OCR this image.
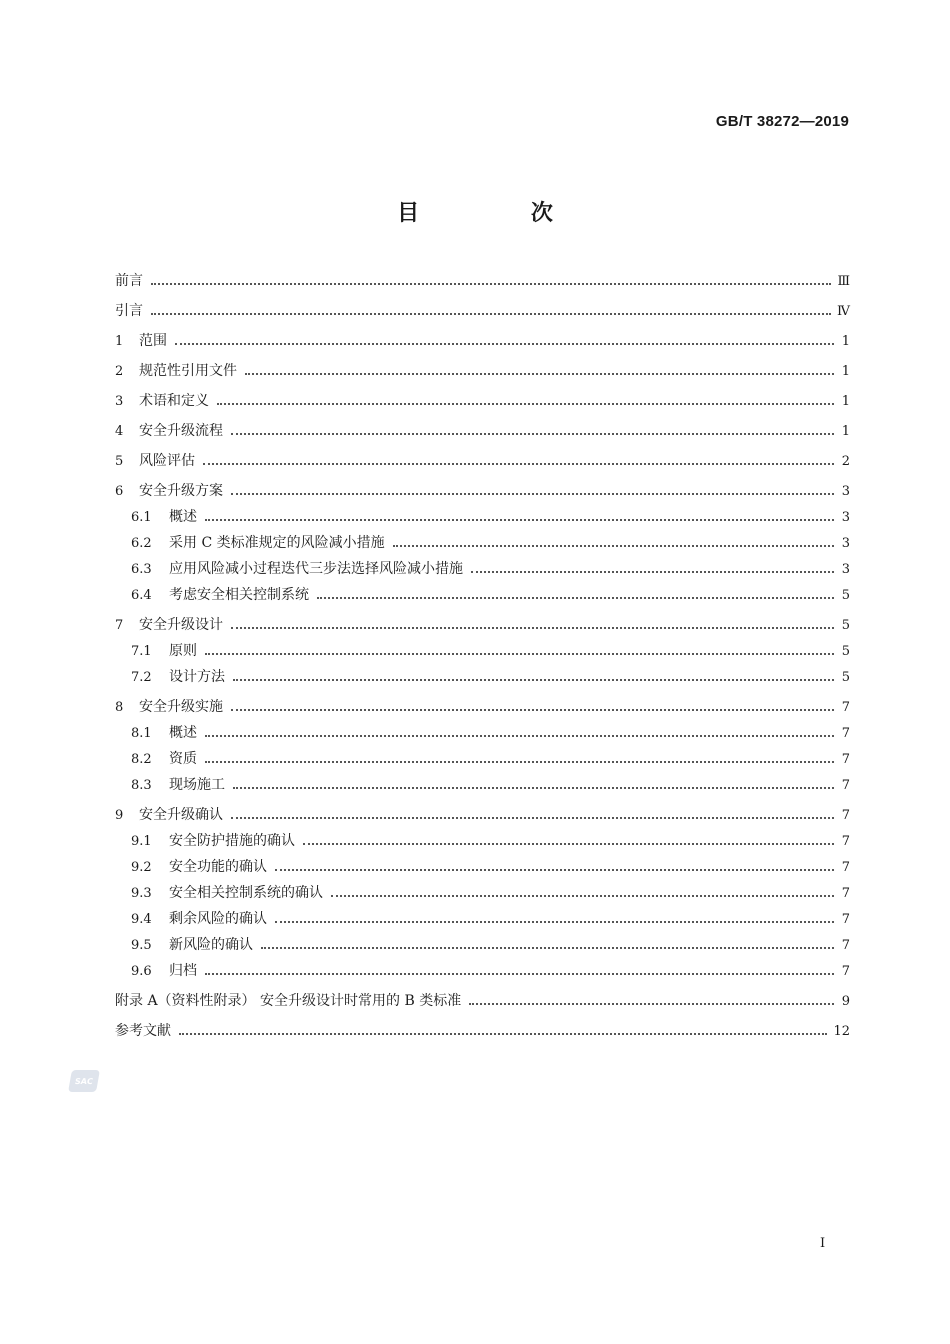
GB/T 38272—2019
目 次
前言	Ⅲ
引言	Ⅳ
1	范围	1
2	规范性引用文件	1
3	术语和定义	1
4	安全升级流程	1
5	风险评估	2
6	安全升级方案	3
6.1	概述	3
6.2	采用 C 类标准规定的风险减小措施	3
6.3	应用风险减小过程迭代三步法选择风险减小措施	3
6.4	考虑安全相关控制系统	5
7	安全升级设计	5
7.1	原则	5
7.2	设计方法	5
8	安全升级实施	7
8.1	概述	7
8.2	资质	7
8.3	现场施工	7
9	安全升级确认	7
9.1	安全防护措施的确认	7
9.2	安全功能的确认	7
9.3	安全相关控制系统的确认	7
9.4	剩余风险的确认	7
9.5	新风险的确认	7
9.6	归档	7
附录 A（资料性附录） 安全升级设计时常用的 B 类标准	9
参考文献	12
SAC
I
